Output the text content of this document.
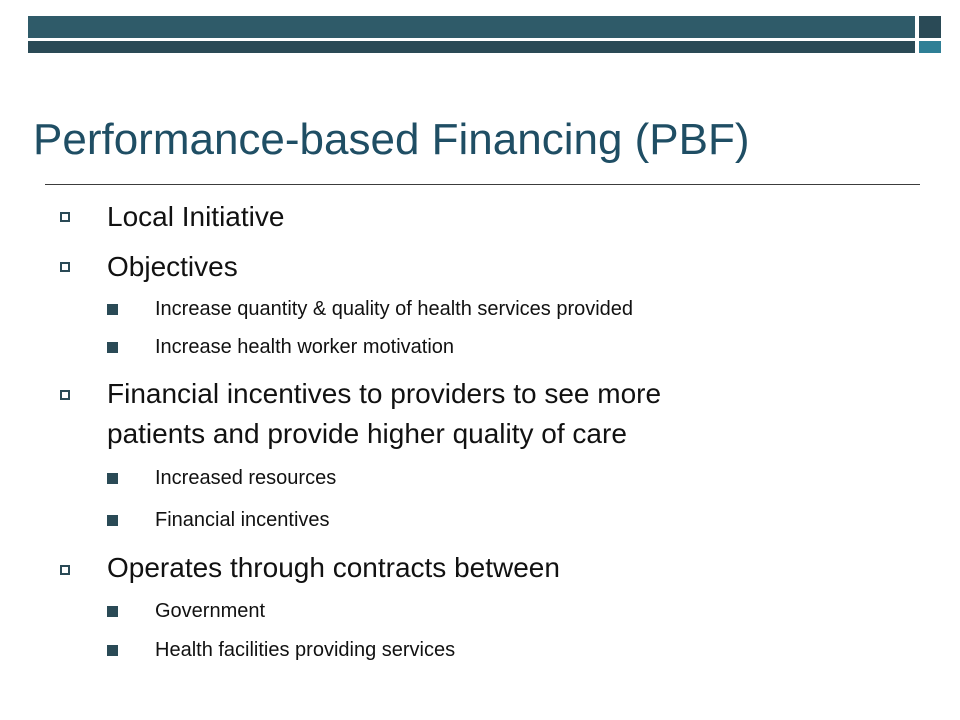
Performance-based Financing (PBF)

Local Initiative

Objectives

Increase quantity & quality of health services provided

Increase health worker motivation

Financial incentives to providers to see more

patients and provide higher quality of care

Increased resources

Financial incentives

Operates through contracts between

Government

Health facilities providing services
